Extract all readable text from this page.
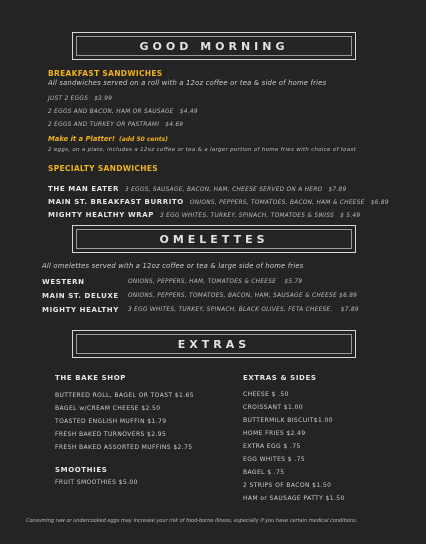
GOOD MORNING
BREAKFAST SANDWICHES
All sandwiches served on a roll with a 12oz coffee or tea & side of home fries
JUST 2 EGGS $3.99
2 EGGS AND BACON, HAM OR SAUSAGE $4.49
2 EGGS AND TURKEY OR PASTRAMI $4.69
Make it a Platter! (add 50 cents)
2 eggs, on a plate, includes a 12oz coffee or tea & a larger portion of home fries with choice of toast
SPECIALTY SANDWICHES
THE MAN EATER 3 EGGS, SAUSAGE, BACON, HAM, CHEESE SERVED ON A HERO $7.89
MAIN ST. BREAKFAST BURRITO ONIONS, PEPPERS, TOMATOES, BACON, HAM & CHEESE $6.89
MIGHTY HEALTHY WRAP 3 EGG WHITES, TURKEY, SPINACH, TOMATOES & SWISS $ 5.49
OMELETTES
All omelettes served with a 12oz coffee or tea & large side of home fries
WESTERN	ONIONS, PEPPERS, HAM, TOMATOES & CHEESE $5.79
MAIN ST. DELUXE ONIONS, PEPPERS, TOMATOES, BACON, HAM, SAUSAGE & CHEESE $6.89
MIGHTY HEALTHY 3 EGG WHITES, TURKEY, SPINACH, BLACK OLIVES, FETA CHEESE. $7.89
EXTRAS
THE BAKE SHOP
BUTTERED ROLL, BAGEL OR TOAST $1.65
BAGEL w/CREAM CHEESE $2.50
TOASTED ENGLISH MUFFIN $1.79
FRESH BAKED TURNOVERS $2.95
FRESH BAKED ASSORTED MUFFINS $2.75
SMOOTHIES
FRUIT SMOOTHIES $5.00
EXTRAS & SIDES
CHEESE $ .50
CROISSANT $1.00
BUTTERMILK BISCUIT$1.00
HOME FRIES $2.49
EXTRA EGG $ .75
EGG WHITES $ .75
BAGEL $ .75
2 STRIPS OF BACON $1.50
HAM or SAUSAGE PATTY $1.50
Consuming raw or undercooked eggs may increase your risk of food-borne illness, especially if you have certain medical conditions.
